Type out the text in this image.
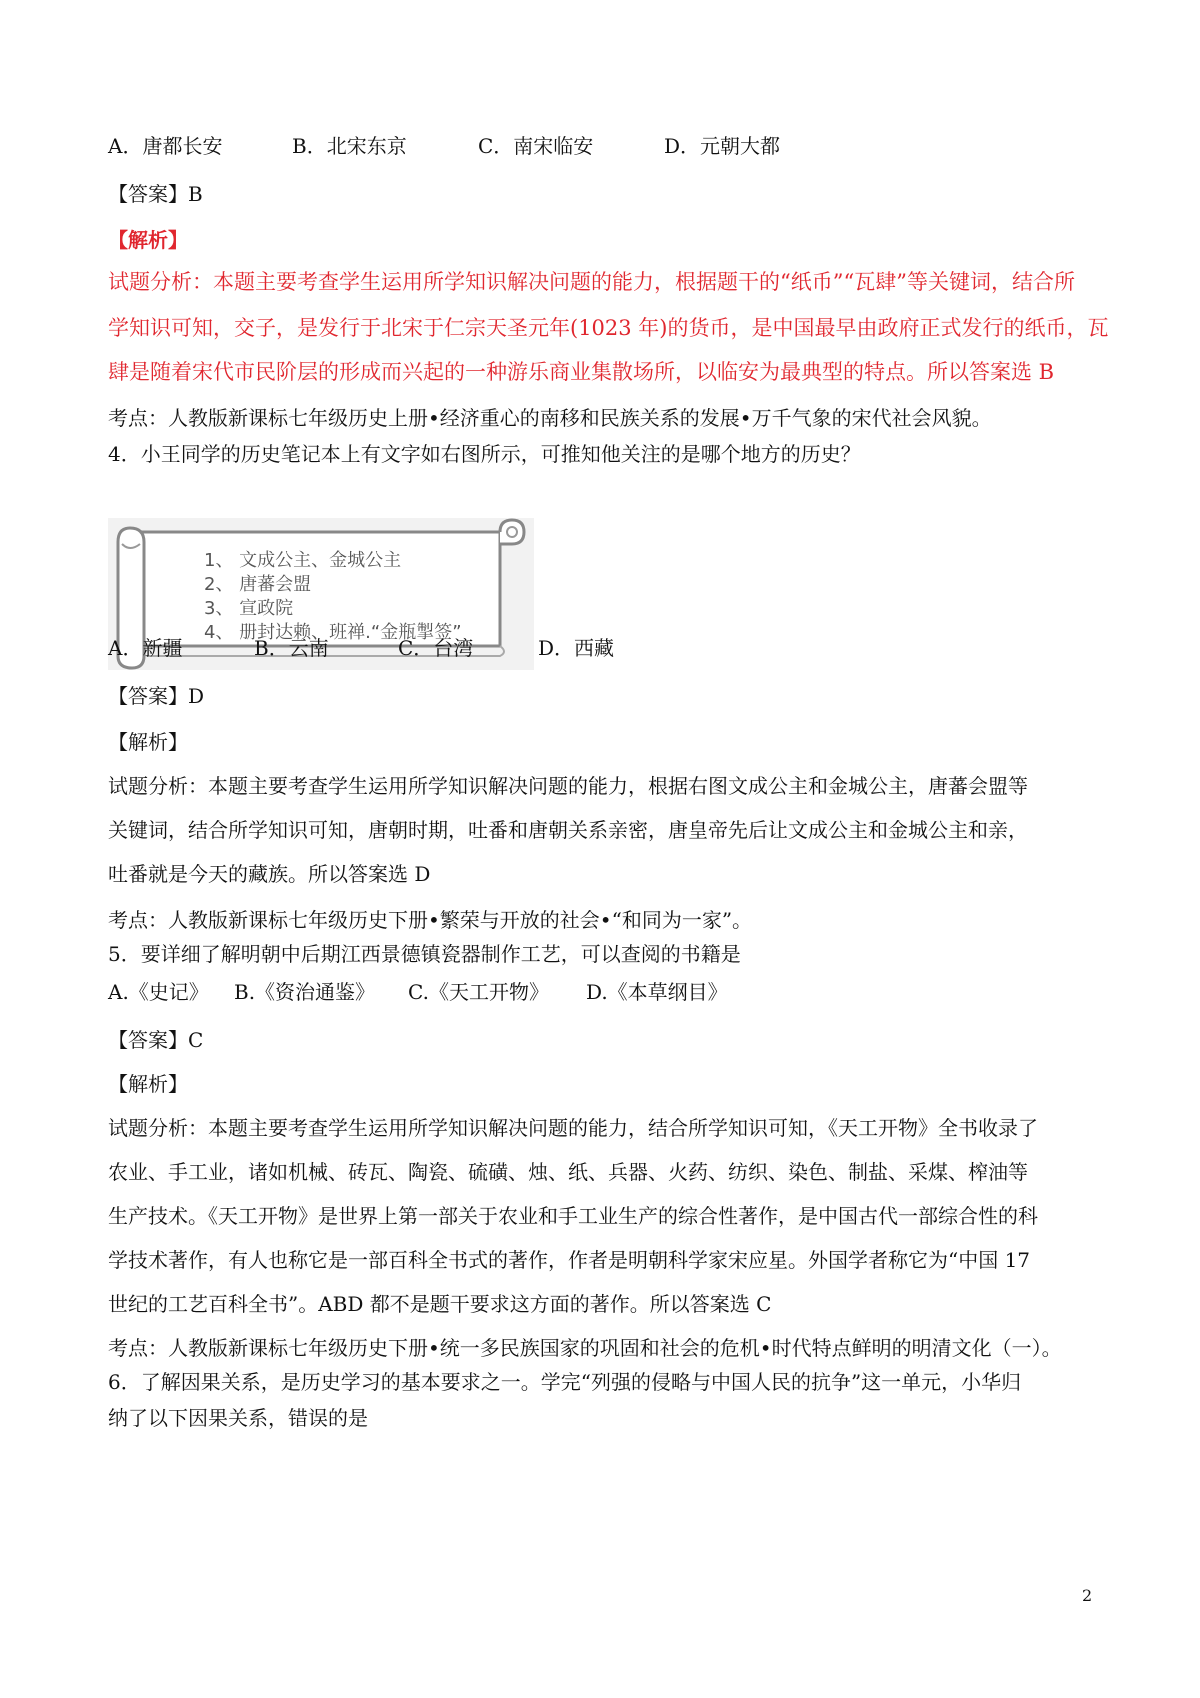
A．唐都长安	B．北宋东京	C．南宋临安	D．元朝大都
【答案】B
【解析】
试题分析：本题主要考查学生运用所学知识解决问题的能力，根据题干的“纸币”“瓦肆”等关键词，结合所
学知识可知，交子，是发行于北宋于仁宗天圣元年(1023 年)的货币，是中国最早由政府正式发行的纸币，瓦
肆是随着宋代市民阶层的形成而兴起的一种游乐商业集散场所，以临安为最典型的特点。所以答案选 B
考点：人教版新课标七年级历史上册•经济重心的南移和民族关系的发展•万千气象的宋代社会风貌。
4．小王同学的历史笔记本上有文字如右图所示，可推知他关注的是哪个地方的历史？
1、 文成公主、金城公主
2、 唐蕃会盟
3、 宣政院
4、 册封达赖、班禅.“金瓶掣签”
A．新疆	B．云南	C．台湾	D．西藏
【答案】D
【解析】
试题分析：本题主要考查学生运用所学知识解决问题的能力，根据右图文成公主和金城公主，唐蕃会盟等
关键词，结合所学知识可知，唐朝时期，吐番和唐朝关系亲密，唐皇帝先后让文成公主和金城公主和亲，
吐番就是今天的藏族。所以答案选 D
考点：人教版新课标七年级历史下册•繁荣与开放的社会•“和同为一家”。
5．要详细了解明朝中后期江西景德镇瓷器制作工艺，可以查阅的书籍是
A.《史记》 B.《资治通鉴》 C.《天工开物》 D.《本草纲目》
【答案】C
【解析】
试题分析：本题主要考查学生运用所学知识解决问题的能力，结合所学知识可知，《天工开物》全书收录了
农业、手工业，诸如机械、砖瓦、陶瓷、硫磺、烛、纸、兵器、火药、纺织、染色、制盐、采煤、榨油等
生产技术。《天工开物》是世界上第一部关于农业和手工业生产的综合性著作，是中国古代一部综合性的科
学技术著作，有人也称它是一部百科全书式的著作，作者是明朝科学家宋应星。外国学者称它为“中国 17
世纪的工艺百科全书”。ABD 都不是题干要求这方面的著作。所以答案选 C
考点：人教版新课标七年级历史下册•统一多民族国家的巩固和社会的危机•时代特点鲜明的明清文化（一）。
6．了解因果关系，是历史学习的基本要求之一。学完“列强的侵略与中国人民的抗争”这一单元，小华归
纳了以下因果关系，错误的是
2
